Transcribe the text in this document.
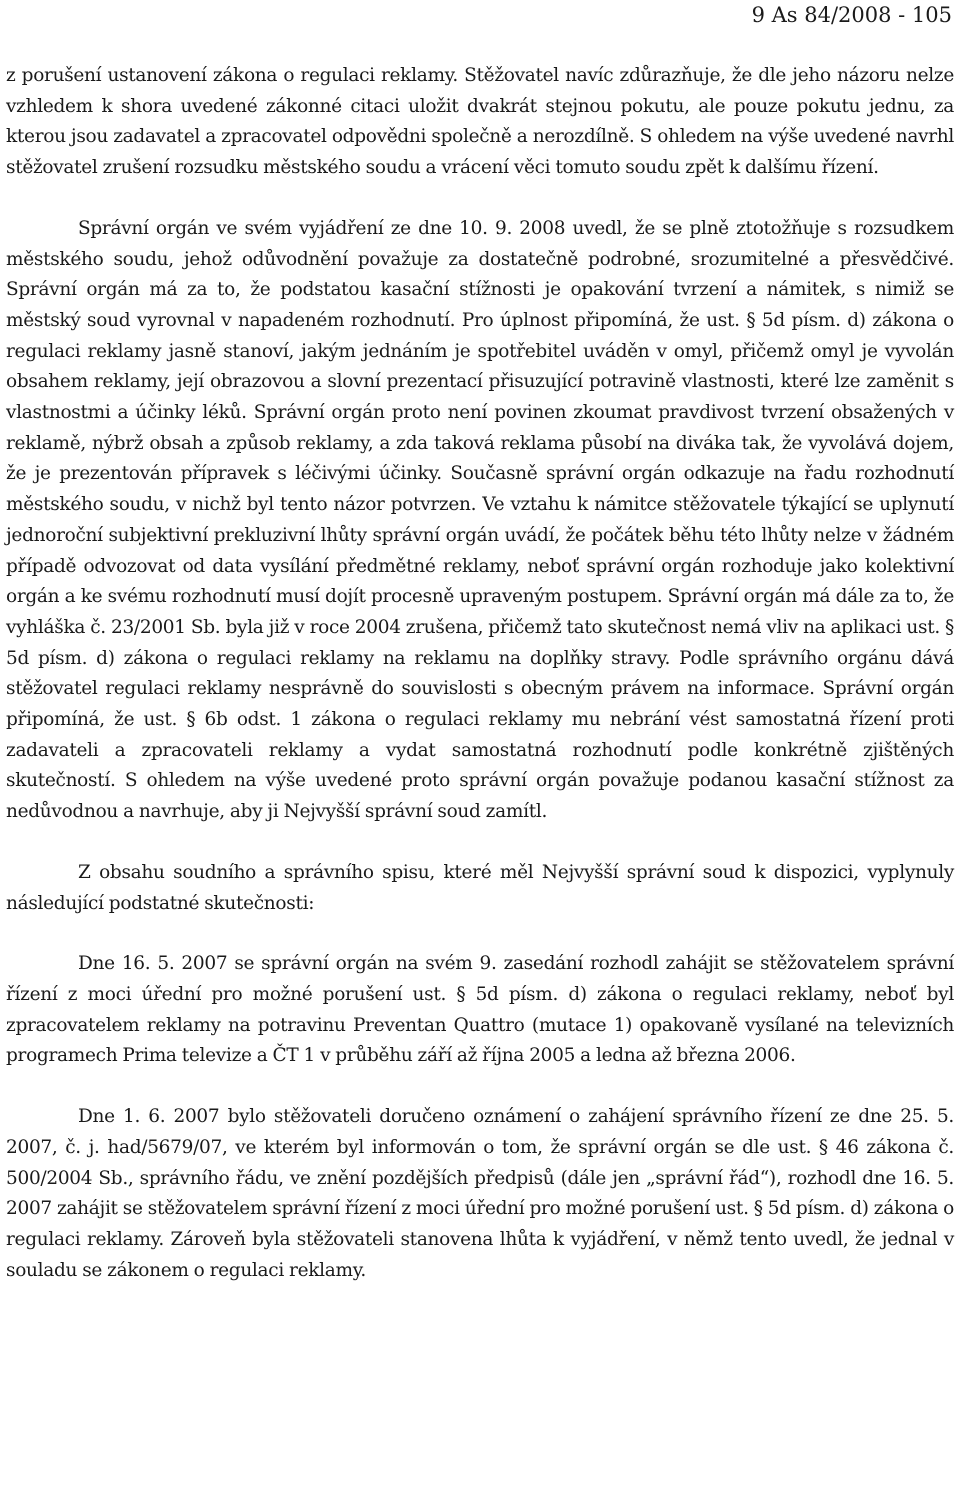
9 As 84/2008 - 105

z porušení ustanovení zákona o regulaci reklamy. Stěžovatel navíc zdůrazňuje, že dle jeho názoru nelze vzhledem k shora uvedené zákonné citaci uložit dvakrát stejnou pokutu, ale pouze pokutu jednu, za kterou jsou zadavatel a zpracovatel odpovědni společně a nerozdílně. S ohledem na výše uvedené navrhl stěžovatel zrušení rozsudku městského soudu a vrácení věci tomuto soudu zpět k dalšímu řízení.

Správní orgán ve svém vyjádření ze dne 10. 9. 2008 uvedl, že se plně ztotožňuje s rozsudkem městského soudu, jehož odůvodnění považuje za dostatečně podrobné, srozumitelné a přesvědčivé. Správní orgán má za to, že podstatou kasační stížnosti je opakování tvrzení a námitek, s nimiž se městský soud vyrovnal v napadeném rozhodnutí. Pro úplnost připomíná, že ust. § 5d písm. d) zákona o regulaci reklamy jasně stanoví, jakým jednáním je spotřebitel uváděn v omyl, přičemž omyl je vyvolán obsahem reklamy, její obrazovou a slovní prezentací přisuzující potravině vlastnosti, které lze zaměnit s vlastnostmi a účinky léků. Správní orgán proto není povinen zkoumat pravdivost tvrzení obsažených v reklamě, nýbrž obsah a způsob reklamy, a zda taková reklama působí na diváka tak, že vyvolává dojem, že je prezentován přípravek s léčivými účinky. Současně správní orgán odkazuje na řadu rozhodnutí městského soudu, v nichž byl tento názor potvrzen. Ve vztahu k námitce stěžovatele týkající se uplynutí jednoroční subjektivní prekluzivní lhůty správní orgán uvádí, že počátek běhu této lhůty nelze v žádném případě odvozovat od data vysílání předmětné reklamy, neboť správní orgán rozhoduje jako kolektivní orgán a ke svému rozhodnutí musí dojít procesně upraveným postupem. Správní orgán má dále za to, že vyhláška č. 23/2001 Sb. byla již v roce 2004 zrušena, přičemž tato skutečnost nemá vliv na aplikaci ust. § 5d písm. d) zákona o regulaci reklamy na reklamu na doplňky stravy. Podle správního orgánu dává stěžovatel regulaci reklamy nesprávně do souvislosti s obecným právem na informace. Správní orgán připomíná, že ust. § 6b odst. 1 zákona o regulaci reklamy mu nebrání vést samostatná řízení proti zadavateli a zpracovateli reklamy a vydat samostatná rozhodnutí podle konkrétně zjištěných skutečností. S ohledem na výše uvedené proto správní orgán považuje podanou kasační stížnost za nedůvodnou a navrhuje, aby ji Nejvyšší správní soud zamítl.

Z obsahu soudního a správního spisu, které měl Nejvyšší správní soud k dispozici, vyplynuly následující podstatné skutečnosti:

Dne 16. 5. 2007 se správní orgán na svém 9. zasedání rozhodl zahájit se stěžovatelem správní řízení z moci úřední pro možné porušení ust. § 5d písm. d) zákona o regulaci reklamy, neboť byl zpracovatelem reklamy na potravinu Preventan Quattro (mutace 1) opakovaně vysílané na televizních programech Prima televize a ČT 1 v průběhu září až října 2005 a ledna až března 2006.

Dne 1. 6. 2007 bylo stěžovateli doručeno oznámení o zahájení správního řízení ze dne 25. 5. 2007, č. j. had/5679/07, ve kterém byl informován o tom, že správní orgán se dle ust. § 46 zákona č. 500/2004 Sb., správního řádu, ve znění pozdějších předpisů (dále jen „správní řád“), rozhodl dne 16. 5. 2007 zahájit se stěžovatelem správní řízení z moci úřední pro možné porušení ust. § 5d písm. d) zákona o regulaci reklamy. Zároveň byla stěžovateli stanovena lhůta k vyjádření, v němž tento uvedl, že jednal v souladu se zákonem o regulaci reklamy.
